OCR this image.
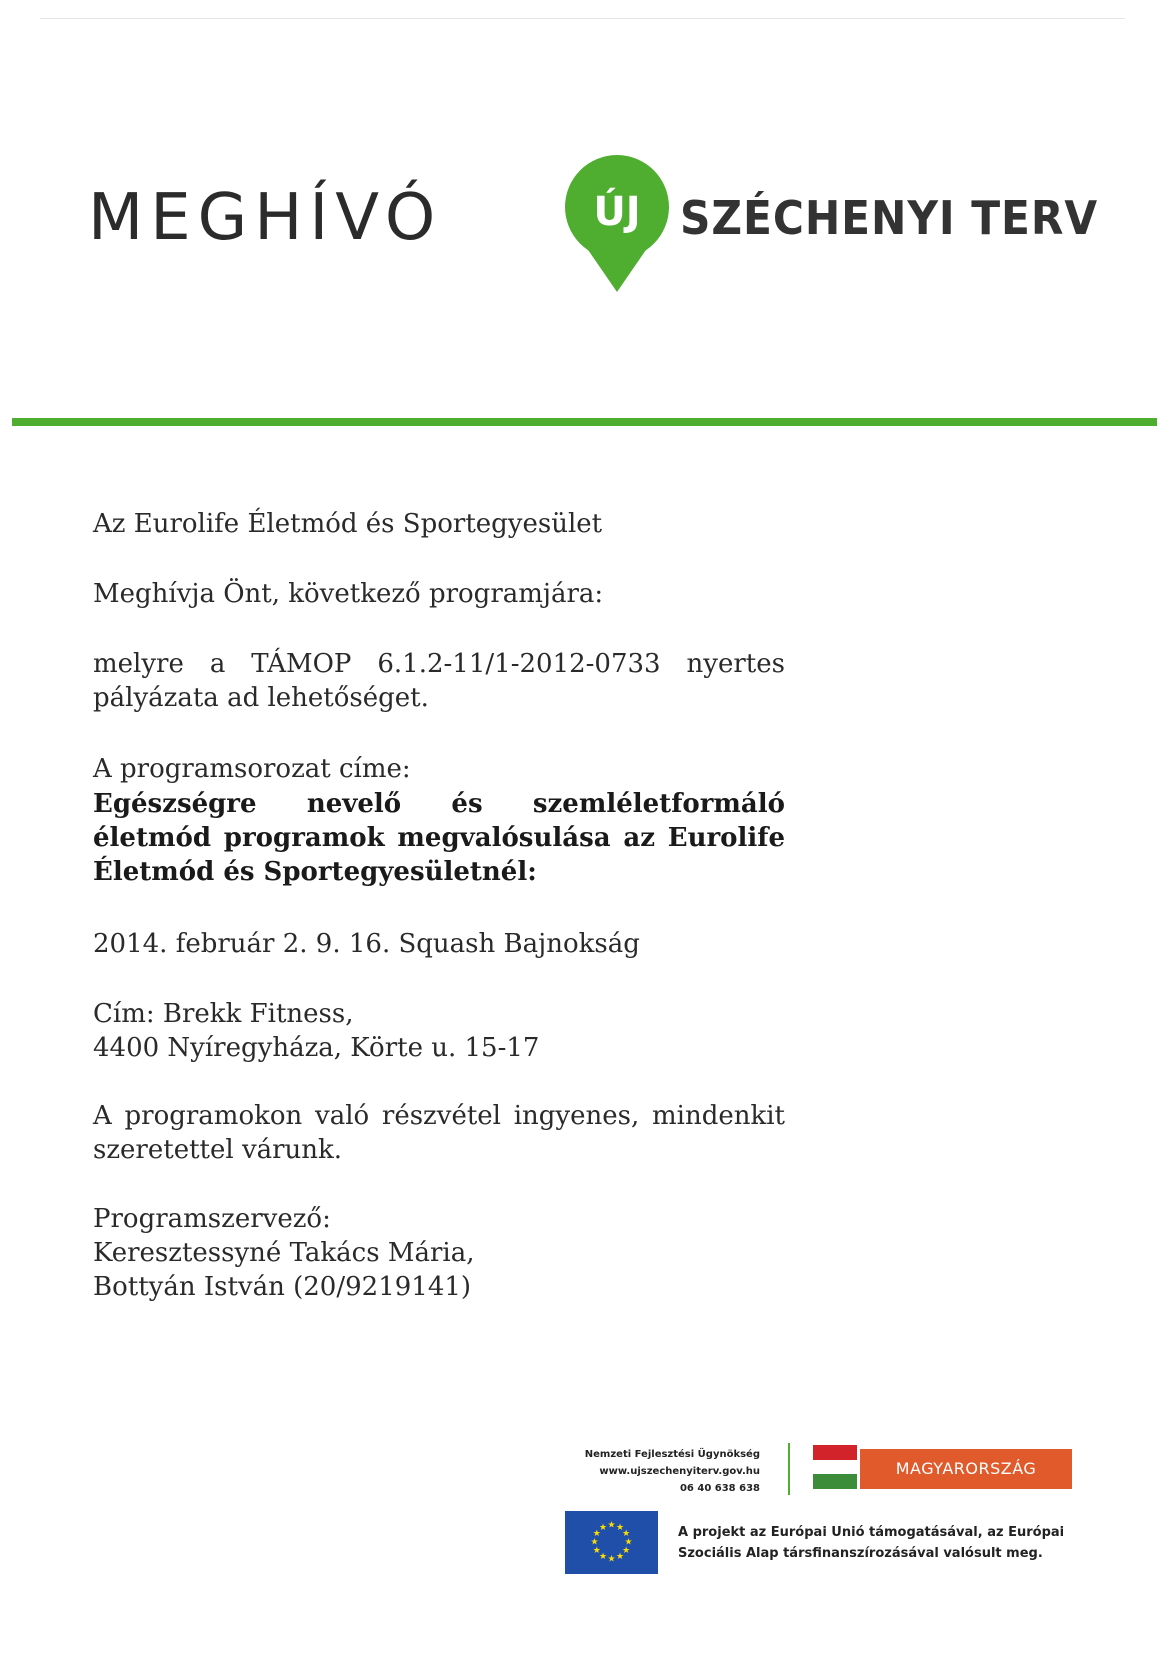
MEGHÍVÓ	ÚJ SZÉCHENYI TERV
Az Eurolife Életmód és Sportegyesület
Meghívja Önt, következő programjára:
melyre a TÁMOP 6.1.2-11/1-2012-0733 nyertes pályázata ad lehetőséget.
A programsorozat címe:
Egészségre nevelő és szemléletformáló életmód programok megvalósulása az Eurolife Életmód és Sportegyesületnél:
2014. február 2. 9. 16. Squash Bajnokság
Cím: Brekk Fitness,
4400 Nyíregyháza, Körte u. 15-17
A programokon való részvétel ingyenes, mindenkit szeretettel várunk.
Programszervező:
Keresztessyné Takács Mária,
Bottyán István (20/9219141)
Nemzeti Fejlesztési Ügynökség
www.ujszechenyiterv.gov.hu
06 40 638 638
MAGYARORSZÁG MEGÚJUL
★ ★
★
★
★
★
★
★
★
★
★
★	A projekt az Európai Unió támogatásával, az Európai Szociális Alap társfinanszírozásával valósult meg.
